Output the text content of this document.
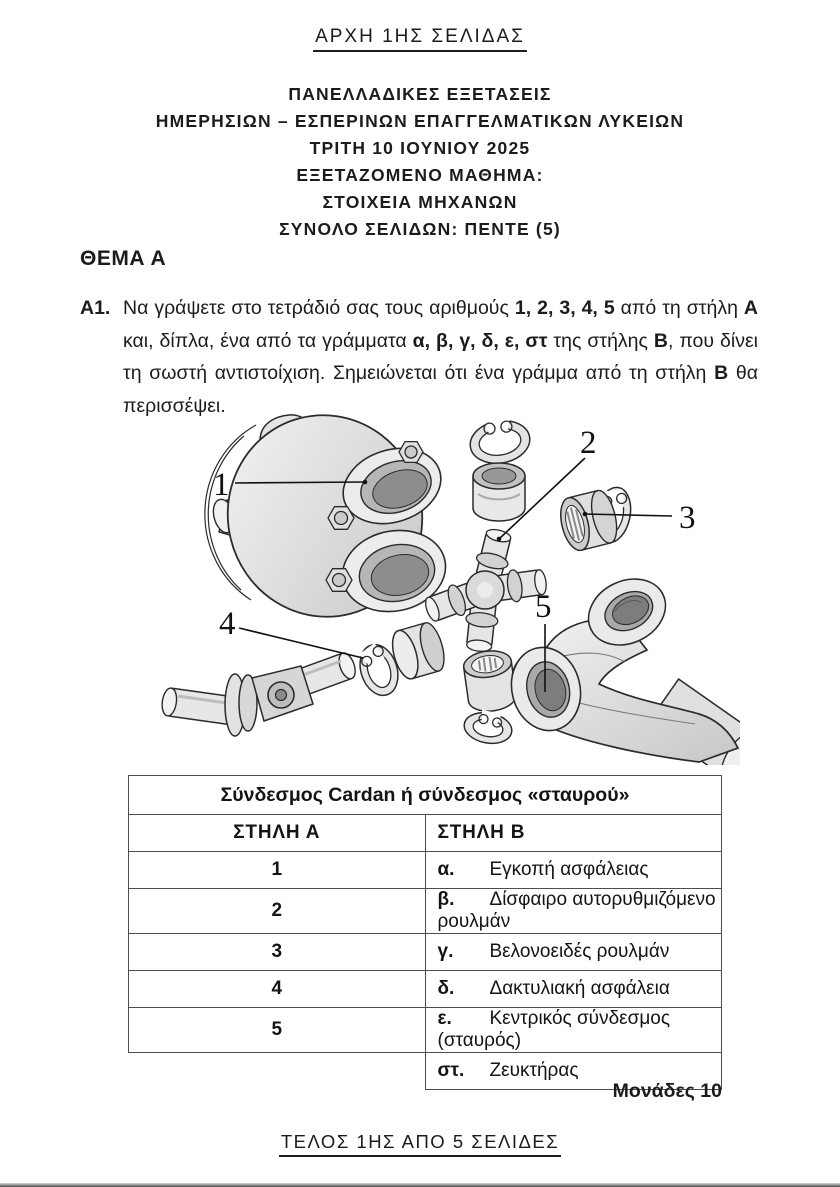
ΑΡΧΗ 1ΗΣ ΣΕΛΙΔΑΣ
ΠΑΝΕΛΛΑΔΙΚΕΣ ΕΞΕΤΑΣΕΙΣ
ΗΜΕΡΗΣΙΩΝ – ΕΣΠΕΡΙΝΩΝ ΕΠΑΓΓΕΛΜΑΤΙΚΩΝ ΛΥΚΕΙΩΝ
ΤΡΙΤΗ 10 ΙΟΥΝΙΟΥ 2025
ΕΞΕΤΑΖΟΜΕΝΟ ΜΑΘΗΜΑ:
ΣΤΟΙΧΕΙΑ ΜΗΧΑΝΩΝ
ΣΥΝΟΛΟ ΣΕΛΙΔΩΝ: ΠΕΝΤΕ (5)
ΘΕΜΑ Α
Α1. Να γράψετε στο τετράδιό σας τους αριθμούς 1, 2, 3, 4, 5 από τη στήλη Α και, δίπλα, ένα από τα γράμματα α, β, γ, δ, ε, στ της στήλης Β, που δίνει τη σωστή αντιστοίχιση. Σημειώνεται ότι ένα γράμμα από τη στήλη Β θα περισσέψει.
1
2
3
4	5
Σύνδεσμος Cardan ή σύνδεσμος «σταυρού»	
ΣΤΗΛΗ Α	ΣΤΗΛΗ Β
1	α. Εγκοπή ασφάλειας
2	β. Δίσφαιρο αυτορυθμιζόμενο ρουλμάν
3	γ. Βελονοειδές ρουλμάν
4	δ. Δακτυλιακή ασφάλεια
5	ε. Κεντρικός σύνδεσμος (σταυρός)
	στ. Ζευκτήρας
Μονάδες 10
ΤΕΛΟΣ 1ΗΣ ΑΠΟ 5 ΣΕΛΙΔΕΣ
